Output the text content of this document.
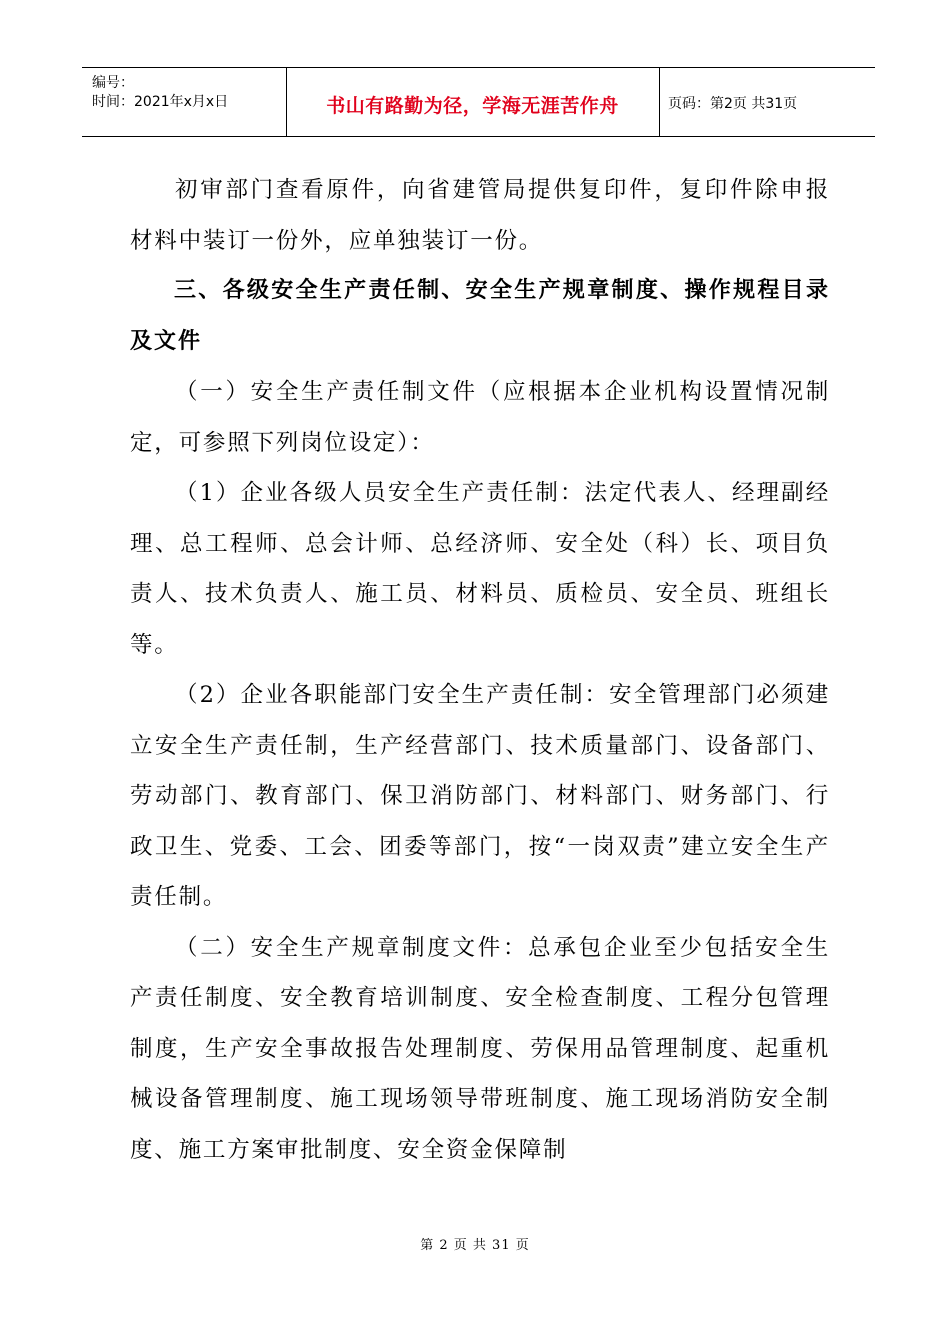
编号：
时间：2021年x月x日	书山有路勤为径，学海无涯苦作舟	页码：第2页 共31页

初审部门查看原件，向省建管局提供复印件，复印件除申报材料中装订一份外，应单独装订一份。

三、各级安全生产责任制、安全生产规章制度、操作规程目录及文件

（一）安全生产责任制文件（应根据本企业机构设置情况制定，可参照下列岗位设定）：

（1）企业各级人员安全生产责任制：法定代表人、经理副经理、总工程师、总会计师、总经济师、安全处（科）长、项目负责人、技术负责人、施工员、材料员、质检员、安全员、班组长等。

（2）企业各职能部门安全生产责任制：安全管理部门必须建立安全生产责任制，生产经营部门、技术质量部门、设备部门、劳动部门、教育部门、保卫消防部门、材料部门、财务部门、行政卫生、党委、工会、团委等部门，按“一岗双责”建立安全生产责任制。

（二）安全生产规章制度文件：总承包企业至少包括安全生产责任制度、安全教育培训制度、安全检查制度、工程分包管理制度，生产安全事故报告处理制度、劳保用品管理制度、起重机械设备管理制度、施工现场领导带班制度、施工现场消防安全制度、施工方案审批制度、安全资金保障制

第 2 页 共 31 页
